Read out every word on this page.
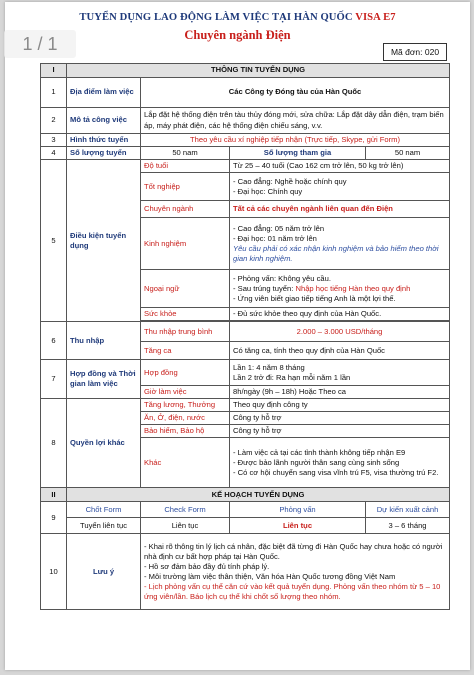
1 / 1
TUYỂN DỤNG LAO ĐỘNG LÀM VIỆC TẠI HÀN QUỐC VISA E7
Chuyên ngành Điện
Mã đơn: 020
I	THÔNG TIN TUYỂN DỤNG			
1	Địa điểm làm việc	Các Công ty Đóng tàu của Hàn Quốc		
2	Mô tả công việc	Lắp đặt hệ thống điện trên tàu thủy đóng mới, sửa chữa: Lắp đặt dây dẫn điện, trạm biến áp, máy phát điện, các hệ thống điện chiếu sáng, v.v.		
3	Hình thức tuyển	Theo yêu cầu xí nghiệp tiếp nhận (Trực tiếp, Skype, gửi Form)		
4	Số lượng tuyển	50 nam	Số lượng tham gia	50 nam
5	Điều kiện tuyển dụng	Độ tuổi	Từ 25 – 40 tuổi (Cao 162 cm trở lên, 50 kg trở lên)	
		Tốt nghiệp	- Cao đẳng: Nghề hoặc chính quy
- Đại học: Chính quy	

		Chuyên ngành	Tất cả các chuyên ngành liên quan đến Điện	
		Kinh nghiệm	- Cao đẳng: 05 năm trở lên
- Đại học: 01 năm trở lên
Yêu cầu phải có xác nhận kinh nghiệm và bảo hiểm theo thời gian kinh nghiệm.	

		Ngoại ngữ	- Phỏng vấn: Không yêu cầu.
- Sau trúng tuyển: Nhập học tiếng Hàn theo quy định
- Ứng viên biết giao tiếp tiếng Anh là một lợi thế.	

		Sức khỏe	- Đủ sức khỏe theo quy định của Hàn Quốc.	

6	Thu nhập	Thu nhập trung bình	2.000 – 3.000 USD/tháng	
		Tăng ca	Có tăng ca, tính theo quy định của Hàn Quốc	
7	Hợp đồng và Thời gian làm việc	Hợp đồng	Lần 1: 4 năm 8 tháng
Lần 2 trở đi: Ra hạn mỗi năm 1 lần	

		Giờ làm việc	8h/ngày (9h – 18h) Hoặc Theo ca	
8	Quyền lợi khác	Tăng lương, Thưởng	Theo quy định công ty	
		Ăn, Ở, điện, nước	Công ty hỗ trợ	
		Bảo hiểm, Bảo hộ	Công ty hỗ trợ	
		Khác	- Làm việc cả tại các tỉnh thành không tiếp nhận E9
- Được bảo lãnh người thân sang cùng sinh sống
- Có cơ hội chuyển sang visa vĩnh trú F5, visa thường trú F2.	

II	KẾ HOẠCH TUYỂN DỤNG			
9	Chốt Form	Check Form	Phỏng vấn	Dự kiến xuất cảnh
	Tuyển liên tục	Liên tục	Liên tục	3 – 6 tháng
10	Lưu ý	- Khai rõ thông tin lý lịch cá nhân, đặc biệt đã từng đi Hàn Quốc hay chưa hoặc có người nhà định cư bất hợp pháp tại Hàn Quốc.
- Hồ sơ đảm bảo đầy đủ tính pháp lý.
- Môi trường làm việc thân thiện, Văn hóa Hàn Quốc tương đồng Việt Nam
- Lịch phỏng vấn cụ thể căn cứ vào kết quả tuyển dụng. Phỏng vấn theo nhóm từ 5 – 10 ứng viên/lần. Báo lịch cụ thể khi chốt số lượng theo nhóm.		
